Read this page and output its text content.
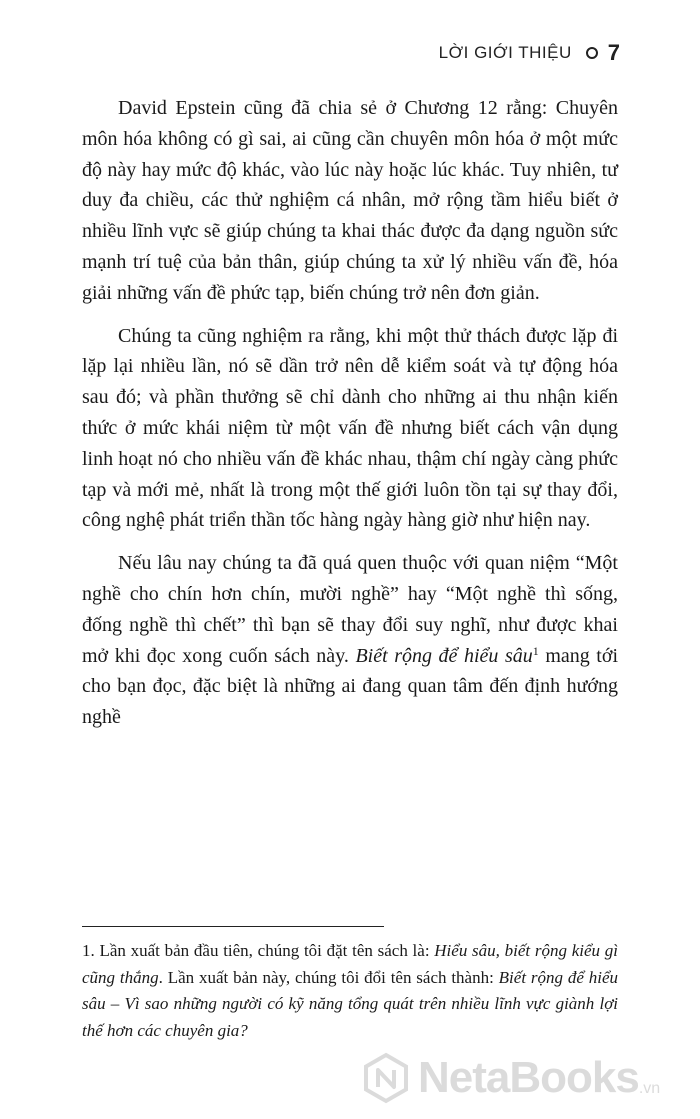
LỜI GIỚI THIỆU 7

David Epstein cũng đã chia sẻ ở Chương 12 rằng: Chuyên môn hóa không có gì sai, ai cũng cần chuyên môn hóa ở một mức độ này hay mức độ khác, vào lúc này hoặc lúc khác. Tuy nhiên, tư duy đa chiều, các thử nghiệm cá nhân, mở rộng tầm hiểu biết ở nhiều lĩnh vực sẽ giúp chúng ta khai thác được đa dạng nguồn sức mạnh trí tuệ của bản thân, giúp chúng ta xử lý nhiều vấn đề, hóa giải những vấn đề phức tạp, biến chúng trở nên đơn giản.

Chúng ta cũng nghiệm ra rằng, khi một thử thách được lặp đi lặp lại nhiều lần, nó sẽ dần trở nên dễ kiểm soát và tự động hóa sau đó; và phần thưởng sẽ chỉ dành cho những ai thu nhận kiến thức ở mức khái niệm từ một vấn đề nhưng biết cách vận dụng linh hoạt nó cho nhiều vấn đề khác nhau, thậm chí ngày càng phức tạp và mới mẻ, nhất là trong một thế giới luôn tồn tại sự thay đổi, công nghệ phát triển thần tốc hàng ngày hàng giờ như hiện nay.

Nếu lâu nay chúng ta đã quá quen thuộc với quan niệm “Một nghề cho chín hơn chín, mười nghề” hay “Một nghề thì sống, đống nghề thì chết” thì bạn sẽ thay đổi suy nghĩ, như được khai mở khi đọc xong cuốn sách này. Biết rộng để hiểu sâu$^1$ mang tới cho bạn đọc, đặc biệt là những ai đang quan tâm đến định hướng nghề

1. Lần xuất bản đầu tiên, chúng tôi đặt tên sách là: Hiểu sâu, biết rộng kiểu gì cũng thắng. Lần xuất bản này, chúng tôi đổi tên sách thành: Biết rộng để hiểu sâu – Vì sao những người có kỹ năng tổng quát trên nhiều lĩnh vực giành lợi thế hơn các chuyên gia?

NetaBooks .vn
